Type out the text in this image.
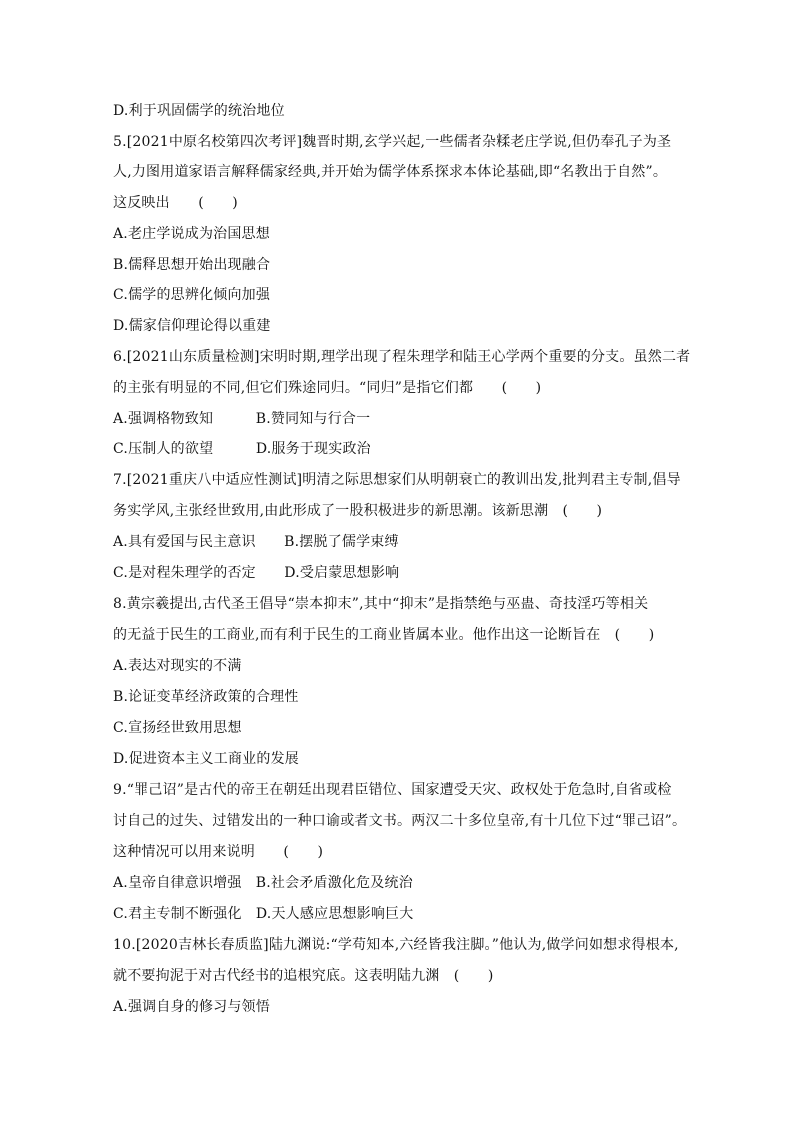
D.利于巩固儒学的统治地位
5.[2021中原名校第四次考评]魏晋时期,玄学兴起,一些儒者杂糅老庄学说,但仍奉孔子为圣
人,力图用道家语言解释儒家经典,并开始为儒学体系探求本体论基础,即“名教出于自然”。
这反映出　　(　　)
A.老庄学说成为治国思想
B.儒释思想开始出现融合
C.儒学的思辨化倾向加强
D.儒家信仰理论得以重建
6.[2021山东质量检测]宋明时期,理学出现了程朱理学和陆王心学两个重要的分支。虽然二者
的主张有明显的不同,但它们殊途同归。“同归”是指它们都　　(　　)
A.强调格物致知　　　B.赞同知与行合一
C.压制人的欲望　　　D.服务于现实政治
7.[2021重庆八中适应性测试]明清之际思想家们从明朝衰亡的教训出发,批判君主专制,倡导
务实学风,主张经世致用,由此形成了一股积极进步的新思潮。该新思潮　(　　)
A.具有爱国与民主意识　　B.摆脱了儒学束缚
C.是对程朱理学的否定　　D.受启蒙思想影响
8.黄宗羲提出,古代圣王倡导“崇本抑末”,其中“抑末”是指禁绝与巫蛊、奇技淫巧等相关
的无益于民生的工商业,而有利于民生的工商业皆属本业。他作出这一论断旨在　(　　)
A.表达对现实的不满
B.论证变革经济政策的合理性
C.宣扬经世致用思想
D.促进资本主义工商业的发展
9.“罪己诏”是古代的帝王在朝廷出现君臣错位、国家遭受天灾、政权处于危急时,自省或检
讨自己的过失、过错发出的一种口谕或者文书。两汉二十多位皇帝,有十几位下过“罪己诏”。
这种情况可以用来说明　　(　　)
A.皇帝自律意识增强　B.社会矛盾激化危及统治
C.君主专制不断强化　D.天人感应思想影响巨大
10.[2020吉林长春质监]陆九渊说:“学苟知本,六经皆我注脚。”他认为,做学问如想求得根本,
就不要拘泥于对古代经书的追根究底。这表明陆九渊　(　　)
A.强调自身的修习与领悟
